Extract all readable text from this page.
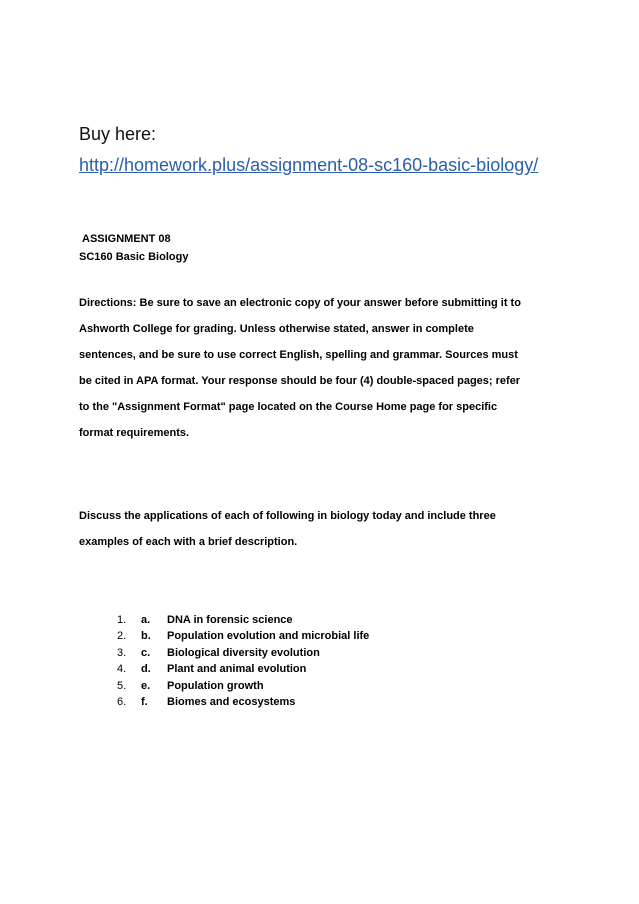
Buy here:
http://homework.plus/assignment-08-sc160-basic-biology/
ASSIGNMENT 08
SC160 Basic Biology
Directions: Be sure to save an electronic copy of your answer before submitting it to
Ashworth College for grading. Unless otherwise stated, answer in complete
sentences, and be sure to use correct English, spelling and grammar. Sources must
be cited in APA format. Your response should be four (4) double-spaced pages; refer
to the "Assignment Format" page located on the Course Home page for specific
format requirements.
Discuss the applications of each of following in biology today and include three
examples of each with a brief description.
1.	a.	DNA in forensic science
2.	b.	Population evolution and microbial life
3.	c.	Biological diversity evolution
4.	d.	Plant and animal evolution
5.	e.	Population growth
6.	f.	Biomes and ecosystems
